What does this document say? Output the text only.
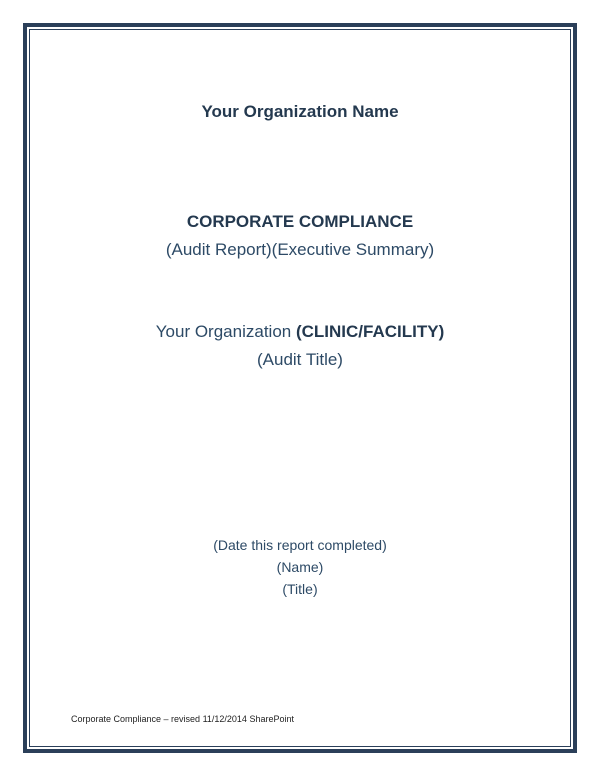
Your Organization Name
CORPORATE COMPLIANCE
(Audit Report)(Executive Summary)
Your Organization (CLINIC/FACILITY)
(Audit Title)
(Date this report completed)
(Name)
(Title)
Corporate Compliance – revised 11/12/2014 SharePoint
